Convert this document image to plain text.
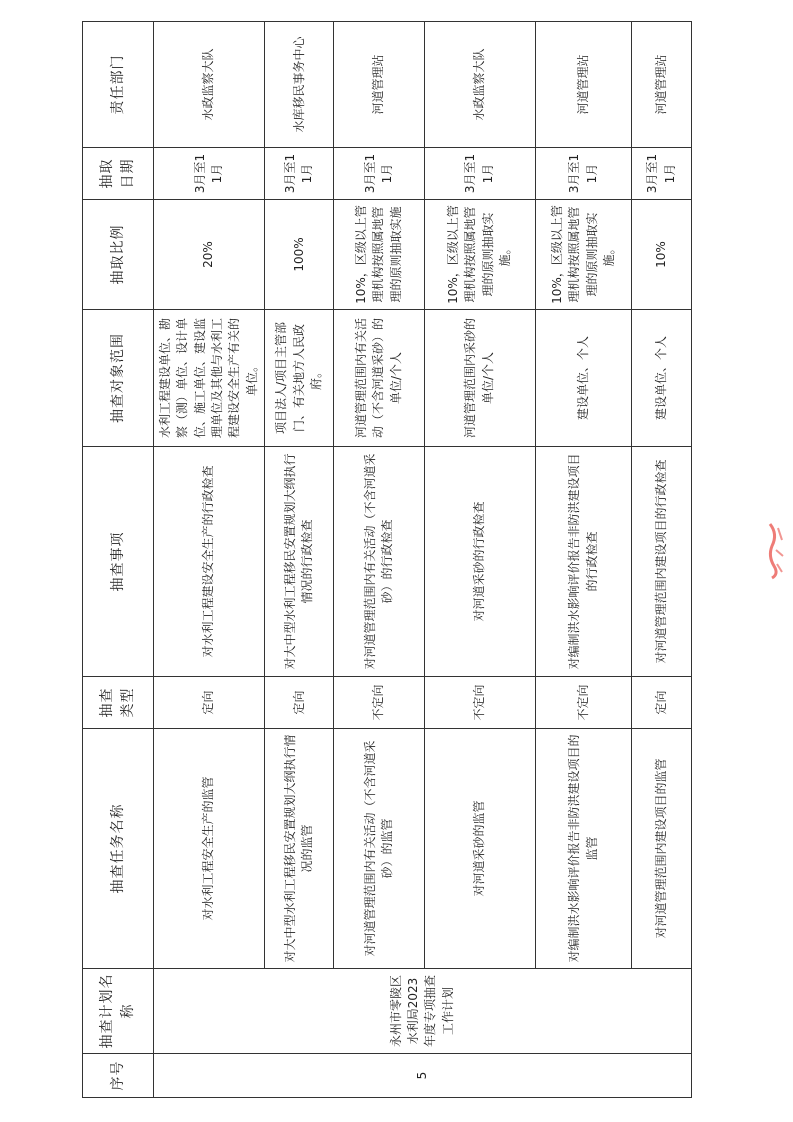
序号	抽查计划名称	抽查任务名称	抽查类型	抽查事项	抽查对象范围	抽取比例	抽取日期	责任部门
5	永州市零陵区水利局2023 年度专项抽查工作计划	对水利工程安全生产的监管	定向	对水利工程建设安全生产的行政检查	水利工程建设单位、勘察（测）单位、设计单位、施工单位、建设监理单位及其他与水利工程建设安全生产有关的单位。	20%	3月至11月	水政监察大队
		对大中型水利工程移民安置规划大纲执行情况的监管	定向	对大中型水利工程移民安置规划大纲执行情况的行政检查	项目法人/项目主管部门、有关地方人民政府。	100%	3月至11月	水库移民事务中心
		对河道管理范围内有关活动（不含河道采砂）的监管	不定向	对河道管理范围内有关活动（不含河道采砂）的行政检查	河道管理范围内有关活动（不含河道采砂）的单位/个人	10%，区级以上管理机构按照属地管理的原则抽取实施	3月至11月	河道管理站
		对河道采砂的监管	不定向	对河道采砂的行政检查	河道管理范围内采砂的单位/个人	10%，区级以上管理机构按照属地管理的原则抽取实施。	3月至11月	水政监察大队
		对编制洪水影响评价报告非防洪建设项目的监管	不定向	对编制洪水影响评价报告非防洪建设项目的行政检查	建设单位、个人	10%，区级以上管理机构按照属地管理的原则抽取实施。	3月至11月	河道管理站
		对河道管理范围内建设项目的监管	定向	对河道管理范围内建设项目的行政检查	建设单位、个人	10%	3月至11月	河道管理站
